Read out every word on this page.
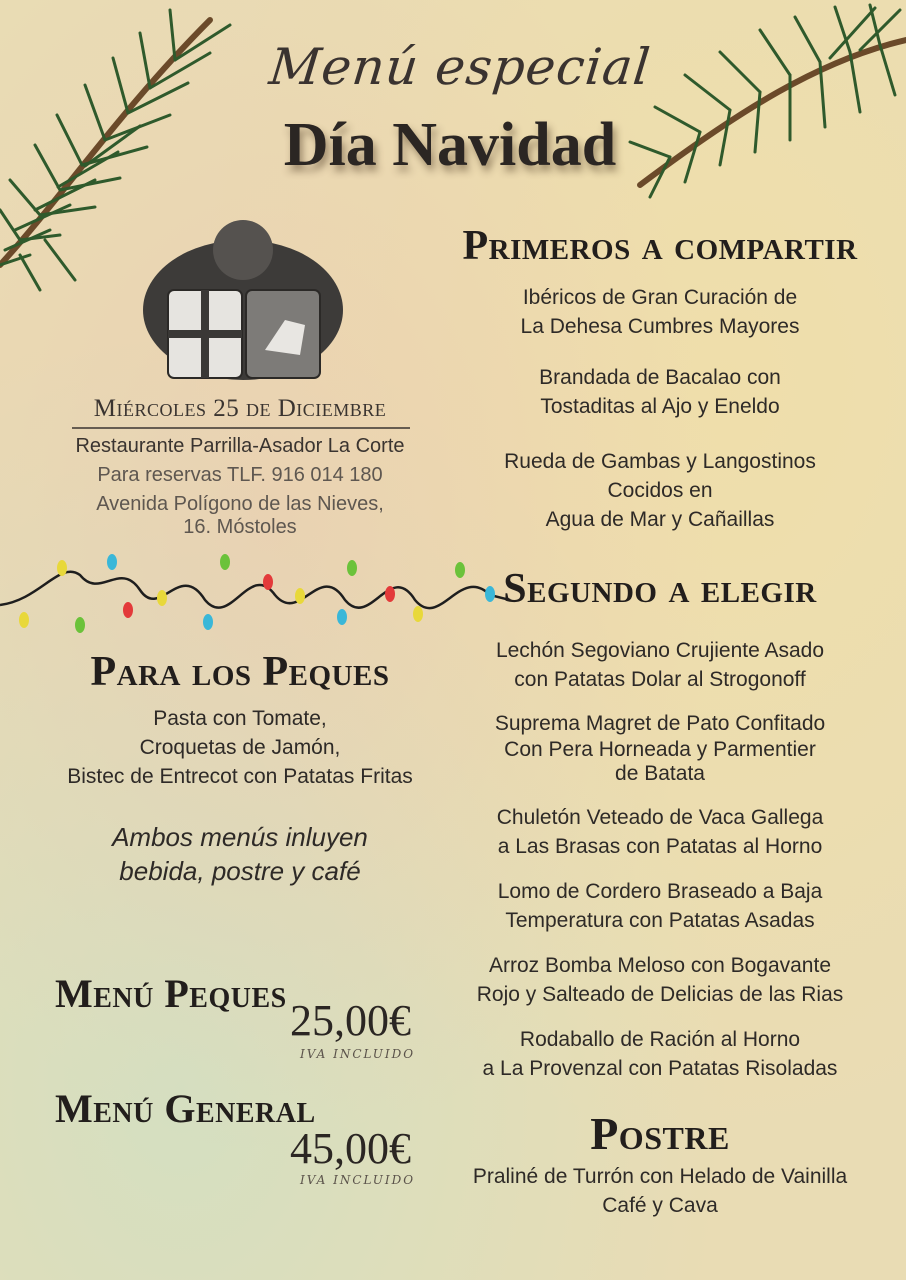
Menú especial
Día Navidad
Miércoles 25 de Diciembre
Restaurante Parrilla-Asador La Corte
Para reservas TLF. 916 014 180
Avenida Polígono de las Nieves,
16. Móstoles
Primeros a compartir
Ibéricos de Gran Curación de
La Dehesa Cumbres Mayores
Brandada de Bacalao con
Tostaditas al Ajo y Eneldo
Rueda de Gambas y Langostinos
Cocidos en
Agua de Mar y Cañaillas
Segundo a elegir
Lechón Segoviano Crujiente Asado
con Patatas Dolar al Strogonoff
Suprema Magret de Pato Confitado
Con Pera Horneada y Parmentier
de Batata
Chuletón Veteado de Vaca Gallega
a Las Brasas con Patatas al Horno
Lomo de Cordero Braseado a Baja
Temperatura con Patatas Asadas
Arroz Bomba Meloso con Bogavante
Rojo y Salteado de Delicias de las Rias
Rodaballo de Ración al Horno
a La Provenzal con Patatas Risoladas
Postre
Praliné de Turrón con Helado de Vainilla
Café y Cava
Para los Peques
Pasta con Tomate,
Croquetas de Jamón,
Bistec de Entrecot con Patatas Fritas
Ambos menús inluyen
bebida, postre y café
Menú Peques
25,00€
IVA INCLUIDO
Menú General
45,00€
IVA INCLUIDO
